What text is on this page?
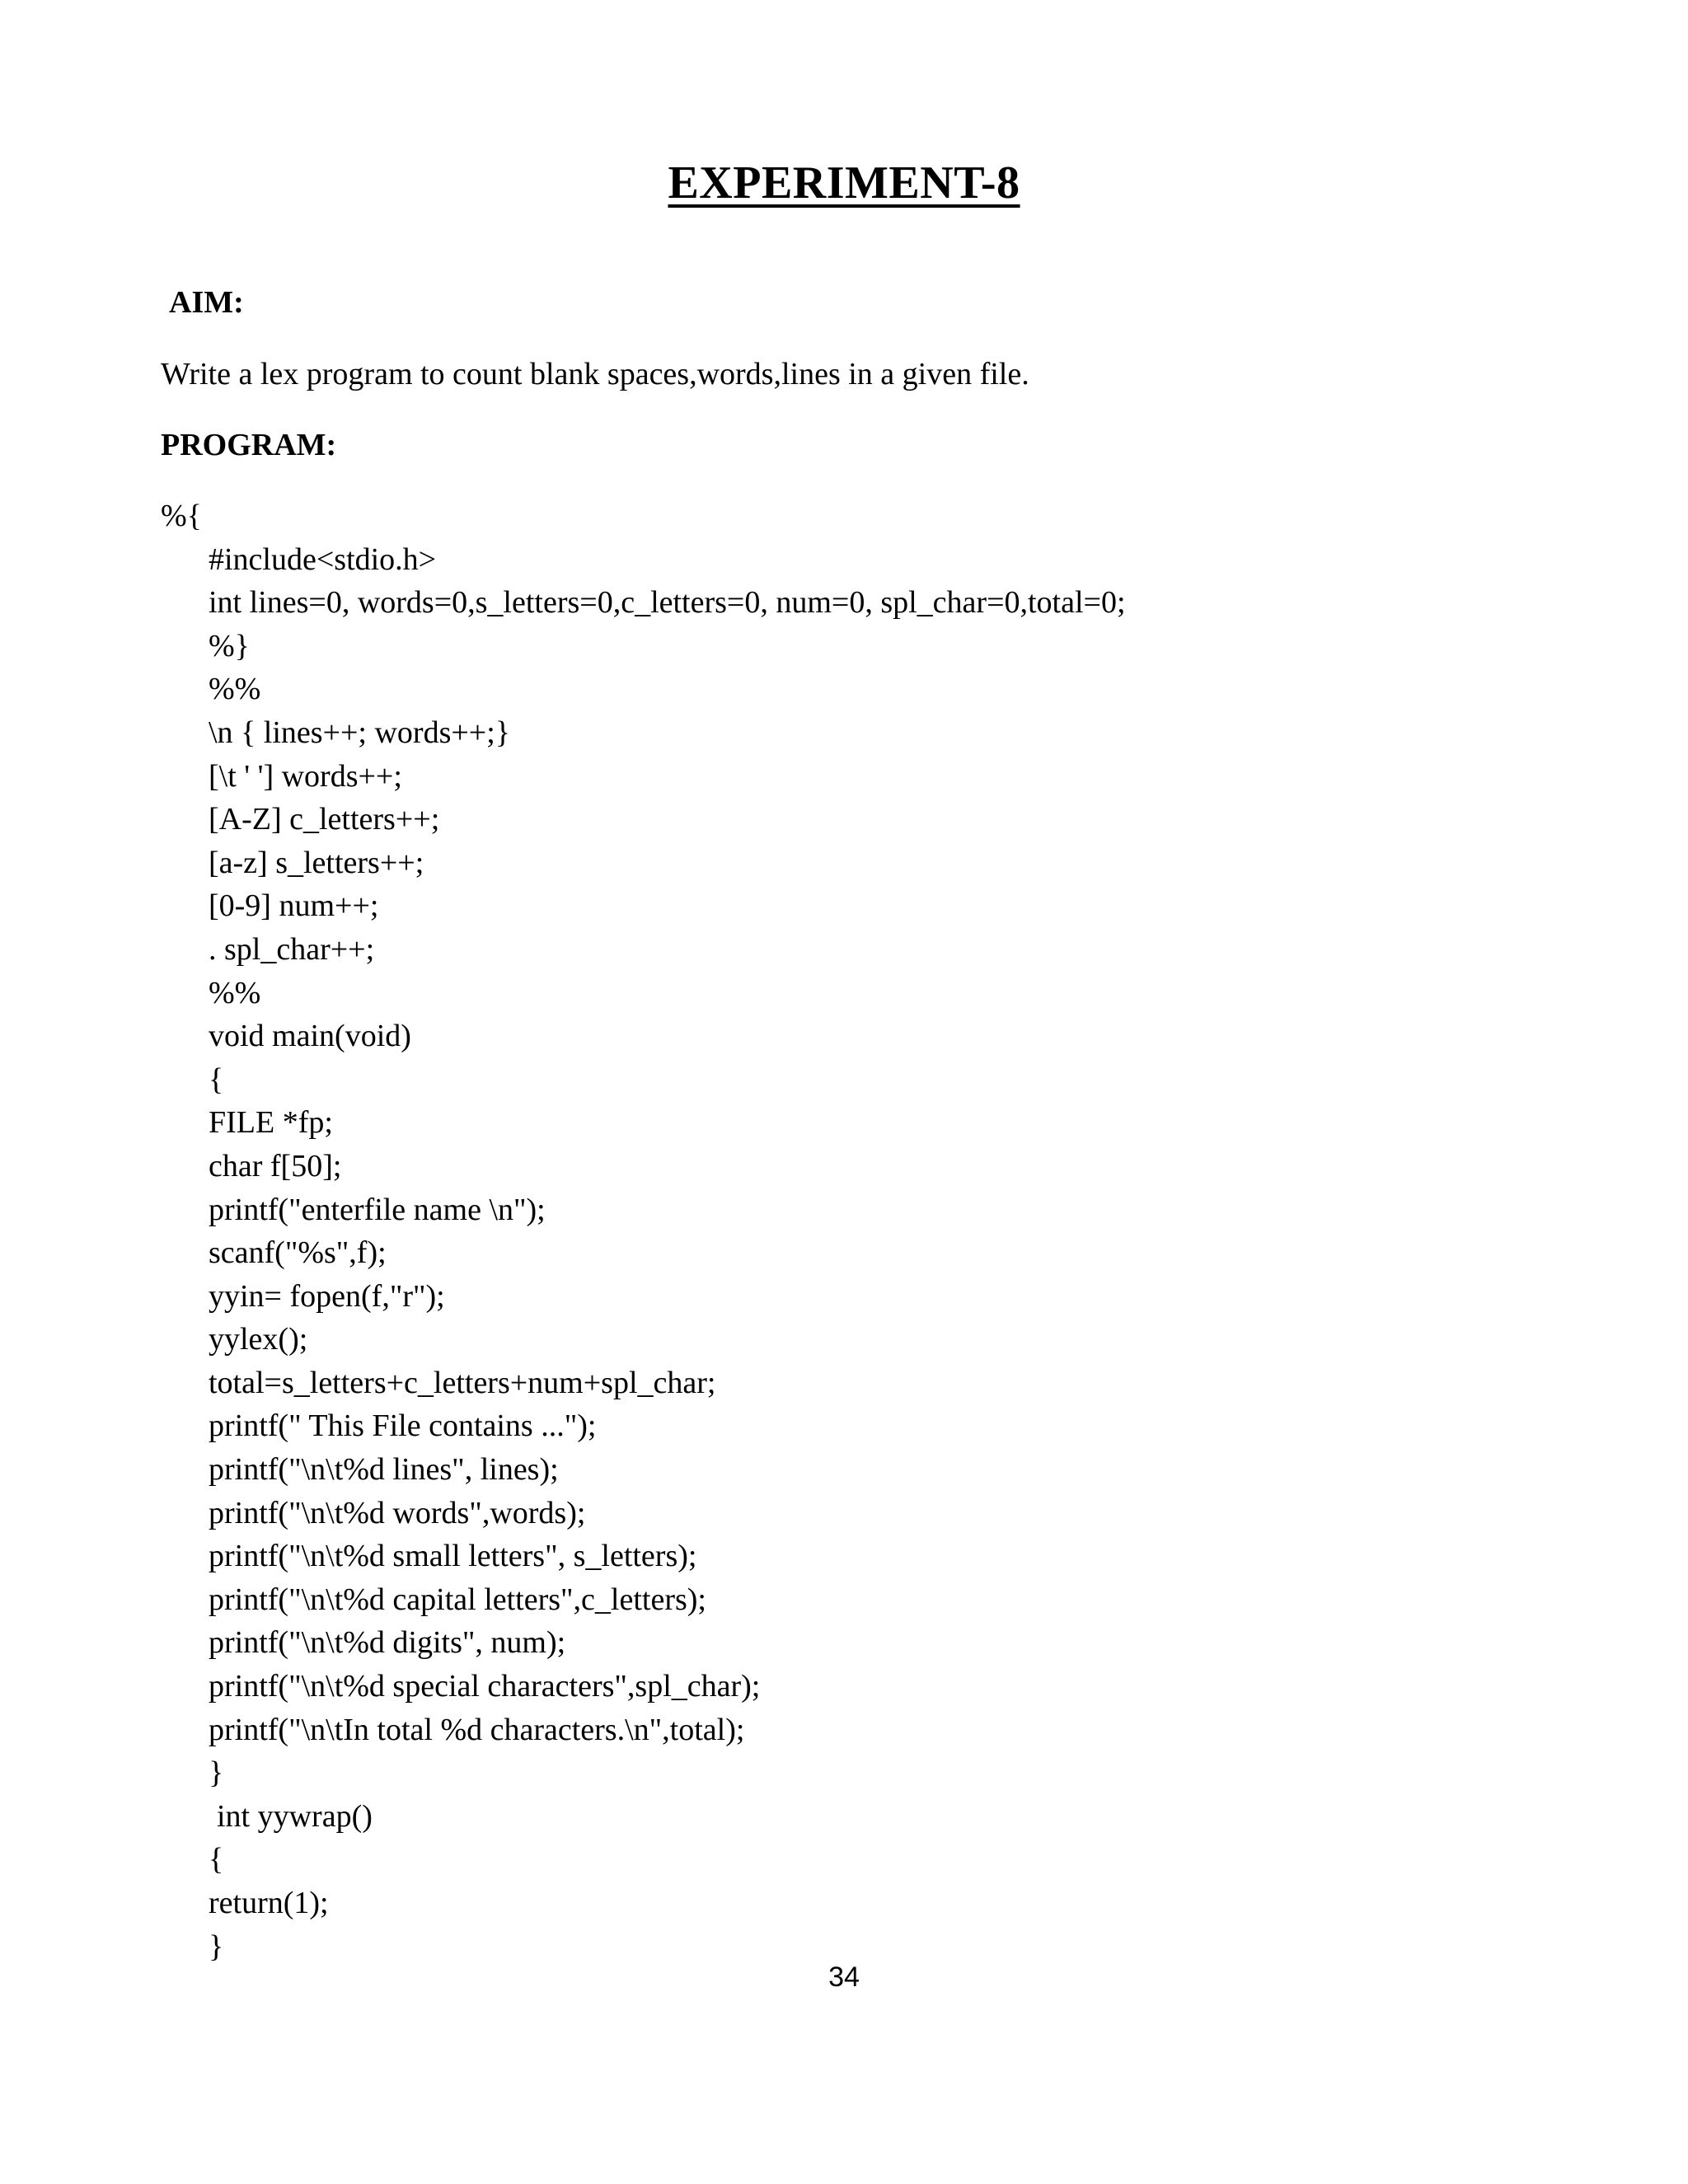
EXPERIMENT-8
AIM:
Write a lex program to count blank spaces,words,lines in a given file.
PROGRAM:
%{
#include<stdio.h>
int lines=0, words=0,s_letters=0,c_letters=0, num=0, spl_char=0,total=0;
%}
%%
\n { lines++; words++;}
[\t ' '] words++;
[A-Z] c_letters++;
[a-z] s_letters++;
[0-9] num++;
. spl_char++;
%%
void main(void)
{
FILE *fp;
char f[50];
printf("enterfile name \n");
scanf("%s",f);
yyin= fopen(f,"r");
yylex();
total=s_letters+c_letters+num+spl_char;
printf(" This File contains ...");
printf("\n\t%d lines", lines);
printf("\n\t%d words",words);
printf("\n\t%d small letters", s_letters);
printf("\n\t%d capital letters",c_letters);
printf("\n\t%d digits", num);
printf("\n\t%d special characters",spl_char);
printf("\n\tIn total %d characters.\n",total);
}
int yywrap()
{
return(1);
}
34
